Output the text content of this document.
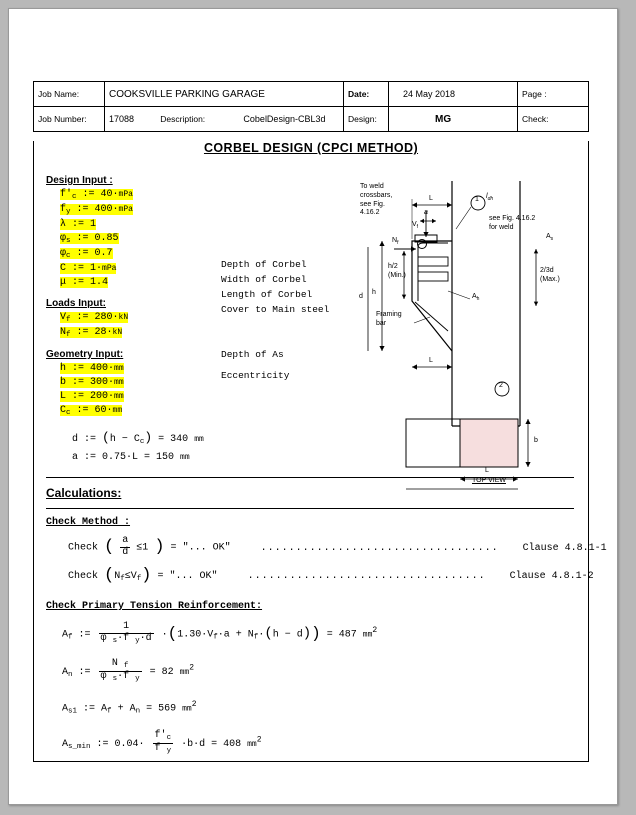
Job Name:	COOKSVILLE PARKING GARAGE	Date:	24 May 2018	Page :
Job Number:	17088 Description: CobelDesign-CBL3d	Design:	MG	Check:
CORBEL DESIGN (CPCI METHOD)
Design Input :
$f'_c$ := 40·mPa
$f_y$ := 400·mPa
λ := 1
$\varphi_s$ := 0.85
$\varphi_c$ := 0.7
C := 1·mPa
μ := 1.4
Loads Input:
$V_f$ := 280·kN
$N_f$ := 28·kN
Geometry Input:
h := 400·mm
b := 300·mm
L := 200·mm
$C_c$ := 60·mm
Depth of Corbel
Width of Corbel
Length of Corbel
Cover to Main steel
d := $(h - C_c) = 340$ mm
a := 0.75·L = 150 mm
Depth of As
Eccentricity
To weld
crossbars,
see Fig.
4.16.2
see Fig. 4.16.2
for weld
L	1
2
a
$V_f$
$N_f$
$A_s$
$A_h$
$l_{dh}$
h/2
(Min.)
2/3d
(Max.)
h
d
Framing
bar
L
L
b
TOP VIEW
Calculations:
Check Method :
Check ( $\frac{a}{d} \le 1$ ) = "... OK"	.................................. Clause 4.8.1-1
Check $(N_f\le V_f)$ = "... OK"	.................................. Clause 4.8.1-2
Check Primary Tension Reinforcement:
$A_f$ := $\frac{1}{\varphi _s\cdot f _y\cdot d} \cdot(1.30\cdot V_f\cdot a + N_f\cdot(h - d)) = 487$ $mm^2$
$A_n$ := $\frac{N _f}{\varphi _s\cdot f _y} = 82$ $mm^2$
$A_{s1}$ := $A_f + A_n = 569$ $mm^2$
$A_{s\_min}$ := $0.04\cdot \frac{f'_c}{f _y} \cdot b\cdot d = 408$ $mm^2$
